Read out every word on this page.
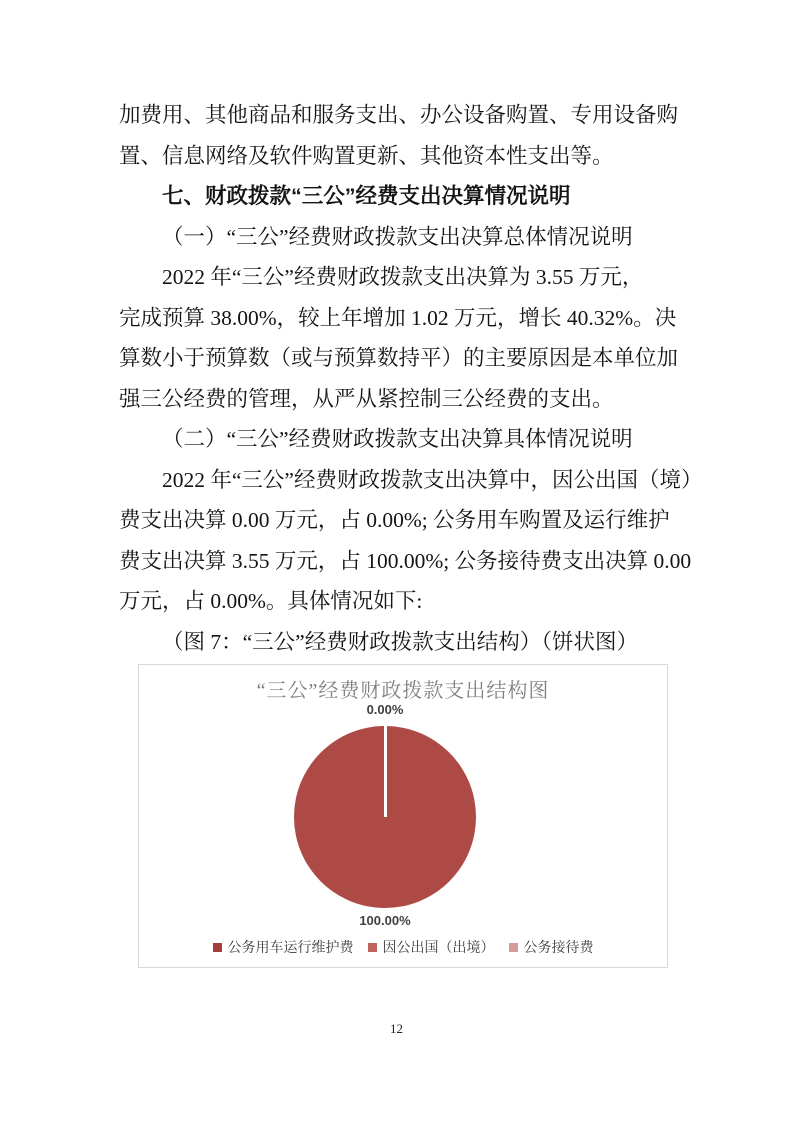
加费用、其他商品和服务支出、办公设备购置、专用设备购
置、信息网络及软件购置更新、其他资本性支出等。
七、财政拨款“三公”经费支出决算情况说明
（一）“三公”经费财政拨款支出决算总体情况说明
2022 年“三公”经费财政拨款支出决算为 3.55 万元，
完成预算 38.00%，较上年增加 1.02 万元，增长 40.32%。决
算数小于预算数（或与预算数持平）的主要原因是本单位加
强三公经费的管理，从严从紧控制三公经费的支出。
（二）“三公”经费财政拨款支出决算具体情况说明
2022 年“三公”经费财政拨款支出决算中，因公出国（境）
费支出决算 0.00 万元，占 0.00%; 公务用车购置及运行维护
费支出决算 3.55 万元，占 100.00%; 公务接待费支出决算 0.00
万元，占 0.00%。具体情况如下:
（图 7：“三公”经费财政拨款支出结构）（饼状图）
“三公”经费财政拨款支出结构图
0.00%
100.00%
公务用车运行维护费 因公出国（出境） 公务接待费
12
